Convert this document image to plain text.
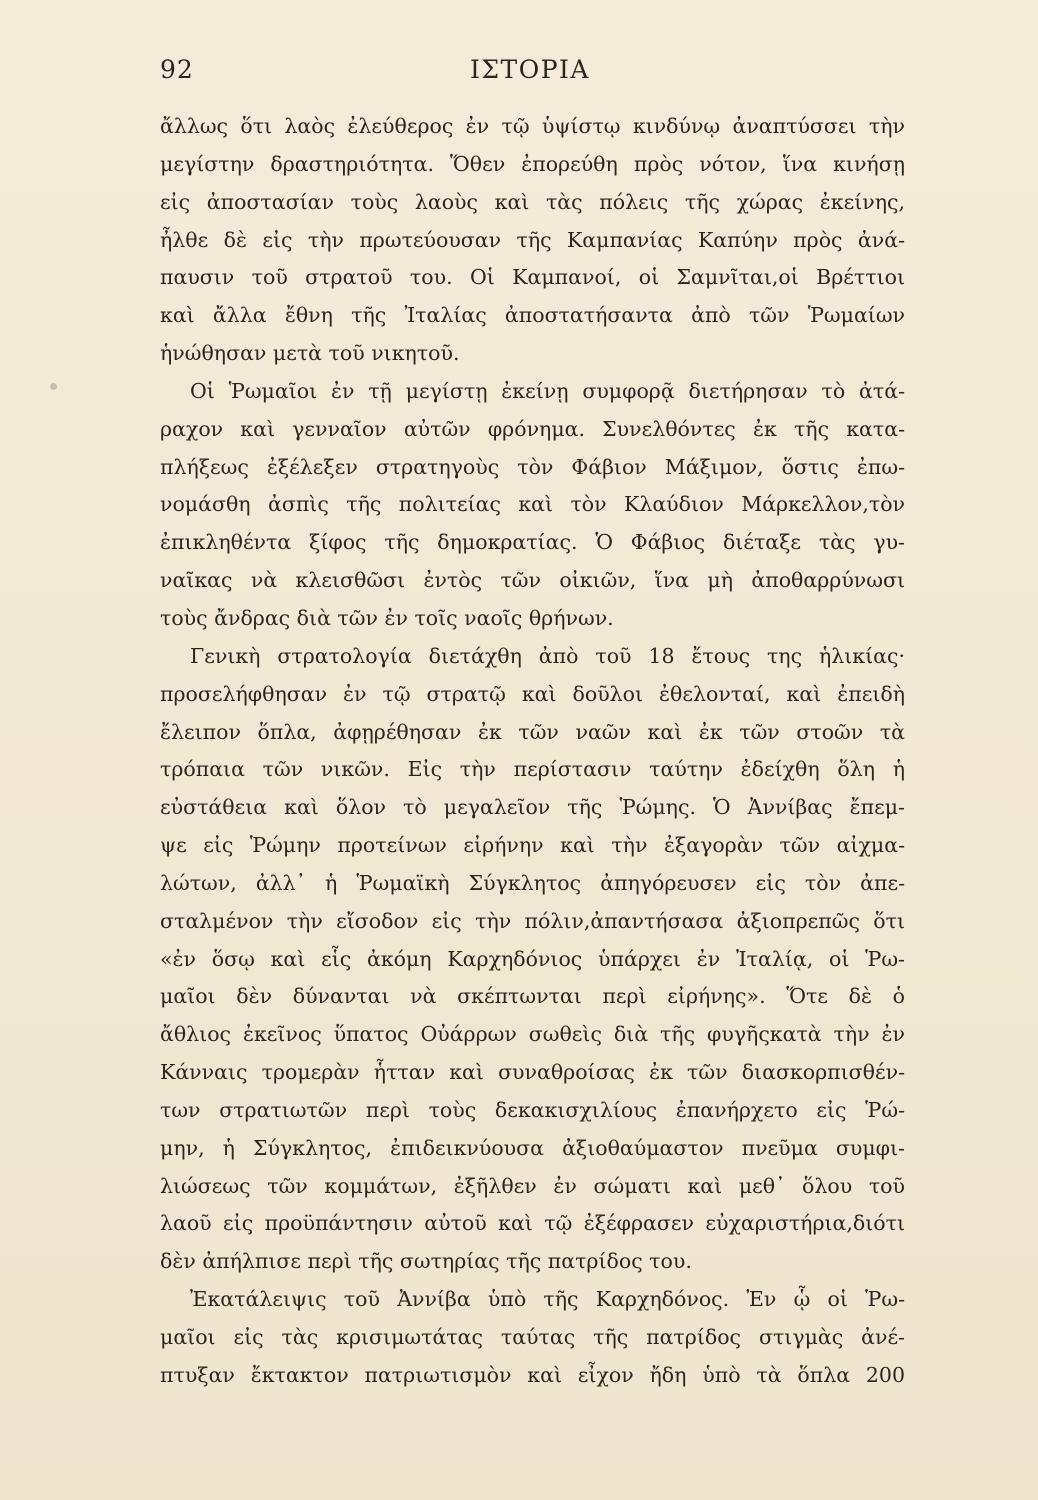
92	ΙΣΤΟΡΙΑ
ἄλλως ὅτι λαὸς ἐλεύθερος ἐν τῷ ὑψίστῳ κινδύνῳ ἀναπτύσσει τὴν
μεγίστην δραστηριότητα. Ὅθεν ἐπορεύθη πρὸς νότον, ἵνα κινήσῃ
εἰς ἀποστασίαν τοὺς λαοὺς καὶ τὰς πόλεις τῆς χώρας ἐκείνης,
ἦλθε δὲ εἰς τὴν πρωτεύουσαν τῆς Καμπανίας Καπύην πρὸς ἀνά-
παυσιν τοῦ στρατοῦ του. Οἱ Καμπανοί, οἱ Σαμνῖται,οἱ Βρέττιοι
καὶ ἄλλα ἔθνη τῆς Ἰταλίας ἀποστατήσαντα ἀπὸ τῶν Ῥωμαίων
ἡνώθησαν μετὰ τοῦ νικητοῦ.
Οἱ Ῥωμαῖοι ἐν τῇ μεγίστῃ ἐκείνῃ συμφορᾷ διετήρησαν τὸ ἀτά-
ραχον καὶ γενναῖον αὐτῶν φρόνημα. Συνελθόντες ἐκ τῆς κατα-
πλήξεως ἐξέλεξεν στρατηγοὺς τὸν Φάβιον Μάξιμον, ὅστις ἐπω-
νομάσθη ἀσπὶς τῆς πολιτείας καὶ τὸν Κλαύδιον Μάρκελλον,τὸν
ἐπικληθέντα ξίφος τῆς δημοκρατίας. Ὁ Φάβιος διέταξε τὰς γυ-
ναῖκας νὰ κλεισθῶσι ἐντὸς τῶν οἰκιῶν, ἵνα μὴ ἀποθαρρύνωσι
τοὺς ἄνδρας διὰ τῶν ἐν τοῖς ναοῖς θρήνων.
Γενικὴ στρατολογία διετάχθη ἀπὸ τοῦ 18 ἔτους της ἡλικίας·
προσελήφθησαν ἐν τῷ στρατῷ καὶ δοῦλοι ἐθελονταί, καὶ ἐπειδὴ
ἔλειπον ὅπλα, ἀφῃρέθησαν ἐκ τῶν ναῶν καὶ ἐκ τῶν στοῶν τὰ
τρόπαια τῶν νικῶν. Εἰς τὴν περίστασιν ταύτην ἐδείχθη ὅλη ἡ
εὐστάθεια καὶ ὅλον τὸ μεγαλεῖον τῆς Ῥώμης. Ὁ Ἀννίβας ἔπεμ-
ψε εἰς Ῥώμην προτείνων εἰρήνην καὶ τὴν ἐξαγορὰν τῶν αἰχμα-
λώτων, ἀλλ᾽ ἡ Ῥωμαϊκὴ Σύγκλητος ἀπηγόρευσεν εἰς τὸν ἀπε-
σταλμένον τὴν εἴσοδον εἰς τὴν πόλιν,ἀπαντήσασα ἀξιοπρεπῶς ὅτι
«ἐν ὅσῳ καὶ εἷς ἀκόμη Καρχηδόνιος ὑπάρχει ἐν Ἰταλίᾳ, οἱ Ῥω-
μαῖοι δὲν δύνανται νὰ σκέπτωνται περὶ εἰρήνης». Ὅτε δὲ ὁ
ἄθλιος ἐκεῖνος ὕπατος Οὐάρρων σωθεὶς διὰ τῆς φυγῆςκατὰ τὴν ἐν
Κάνναις τρομερὰν ἧτταν καὶ συναθροίσας ἐκ τῶν διασκορπισθέν-
των στρατιωτῶν περὶ τοὺς δεκακισχιλίους ἐπανήρχετο εἰς Ῥώ-
μην, ἡ Σύγκλητος, ἐπιδεικνύουσα ἀξιοθαύμαστον πνεῦμα συμφι-
λιώσεως τῶν κομμάτων, ἐξῆλθεν ἐν σώματι καὶ μεθ᾽ ὅλου τοῦ
λαοῦ εἰς προϋπάντησιν αὐτοῦ καὶ τῷ ἐξέφρασεν εὐχαριστήρια,διότι
δὲν ἀπήλπισε περὶ τῆς σωτηρίας τῆς πατρίδος του.
Ἐκατάλειψις τοῦ Ἀννίβα ὑπὸ τῆς Καρχηδόνος. Ἐν ᾧ οἱ Ῥω-
μαῖοι εἰς τὰς κρισιμωτάτας ταύτας τῆς πατρίδος στιγμὰς ἀνέ-
πτυξαν ἔκτακτον πατριωτισμὸν καὶ εἶχον ἤδη ὑπὸ τὰ ὅπλα 200
